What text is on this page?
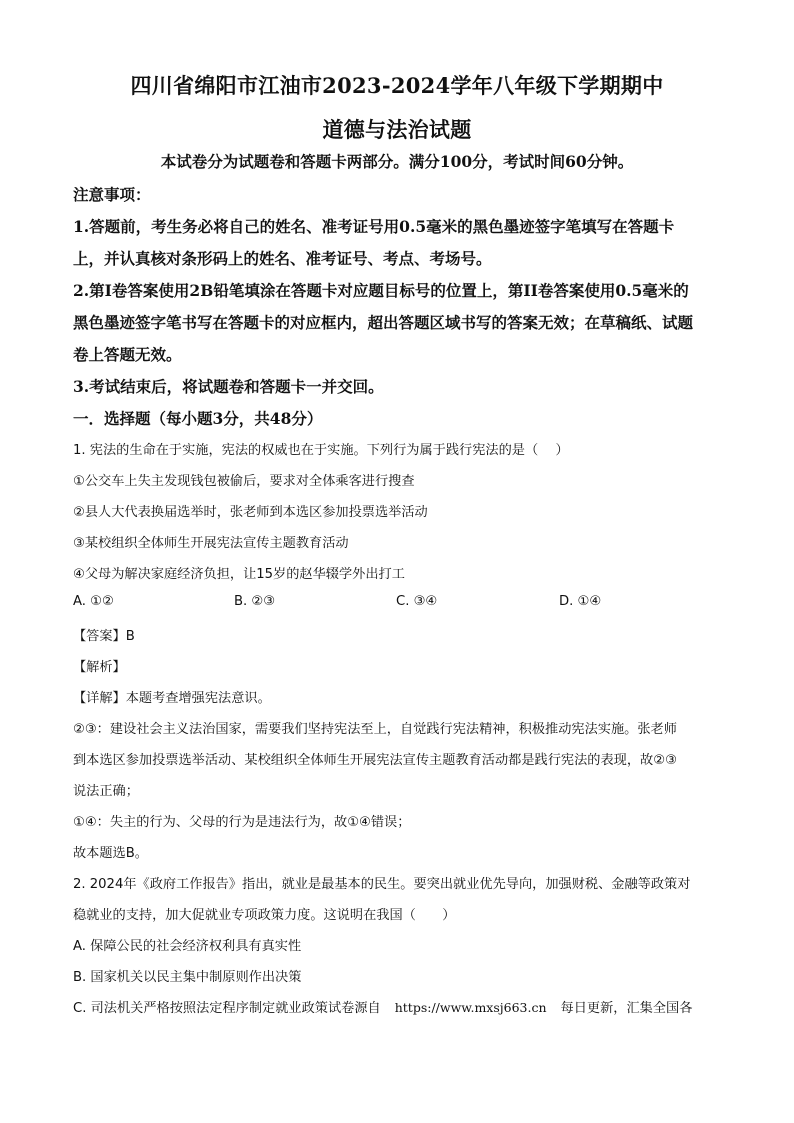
四川省绵阳市江油市2023-2024学年八年级下学期期中
道德与法治试题
本试卷分为试题卷和答题卡两部分。满分100分，考试时间60分钟。
注意事项：
1.答题前，考生务必将自己的姓名、准考证号用0.5毫米的黑色墨迹签字笔填写在答题卡
上，并认真核对条形码上的姓名、准考证号、考点、考场号。
2.第I卷答案使用2B铅笔填涂在答题卡对应题目标号的位置上，第II卷答案使用0.5毫米的
黑色墨迹签字笔书写在答题卡的对应框内，超出答题区域书写的答案无效；在草稿纸、试题
卷上答题无效。
3.考试结束后，将试题卷和答题卡一并交回。
一．选择题（每小题3分，共48分）
1. 宪法的生命在于实施，宪法的权威也在于实施。下列行为属于践行宪法的是（　 ）
①公交车上失主发现钱包被偷后，要求对全体乘客进行搜查
②县人大代表换届选举时，张老师到本选区参加投票选举活动
③某校组织全体师生开展宪法宣传主题教育活动
④父母为解决家庭经济负担，让15岁的赵华辍学外出打工
A. ①②	B. ②③	C. ③④	D. ①④
【答案】B
【解析】
【详解】本题考查增强宪法意识。
②③：建设社会主义法治国家，需要我们坚持宪法至上，自觉践行宪法精神，积极推动宪法实施。张老师
到本选区参加投票选举活动、某校组织全体师生开展宪法宣传主题教育活动都是践行宪法的表现，故②③
说法正确；
①④：失主的行为、父母的行为是违法行为，故①④错误；
故本题选B。
2. 2024年《政府工作报告》指出，就业是最基本的民生。要突出就业优先导向，加强财税、金融等政策对
稳就业的支持，加大促就业专项政策力度。这说明在我国（　　）
A. 保障公民的社会经济权利具有真实性
B. 国家机关以民主集中制原则作出决策
C. 司法机关严格按照法定程序制定就业政策试卷源自 https://www.mxsj663.cn 每日更新，汇集全国各
